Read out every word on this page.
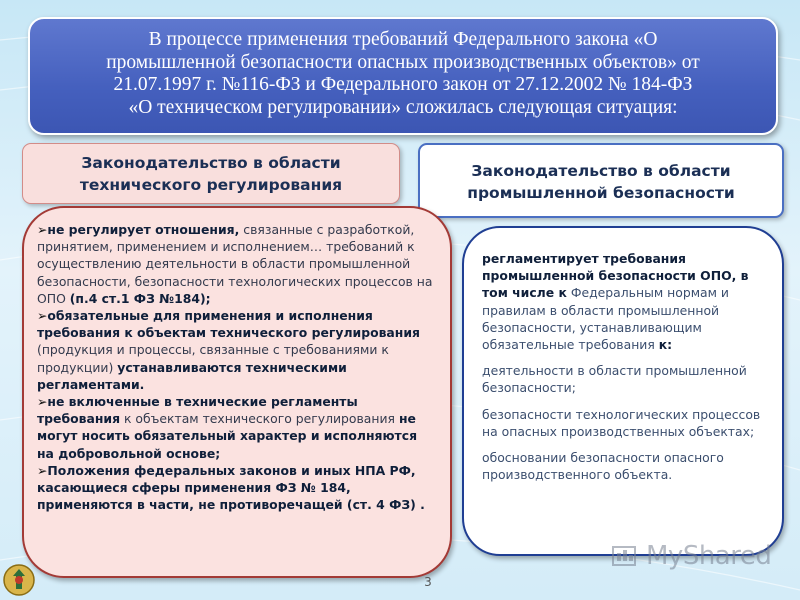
В процессе применения требований Федерального закона «О
промышленной безопасности опасных производственных объектов» от
21.07.1997 г. №116-ФЗ и Федерального закон от 27.12.2002 № 184-ФЗ
«О техническом регулировании» сложилась следующая ситуация:
Законодательство в области
технического регулирования
Законодательство в области
промышленной безопасности

➢не регулирует отношения, связанные с разработкой, принятием, применением и исполнением… требований к осуществлению деятельности в области промышленной безопасности, безопасности технологических процессов на ОПО (п.4 ст.1 ФЗ №184);

➢обязательные для применения и исполнения требования к объектам технического регулирования (продукция и процессы, связанные с требованиями к продукции) устанавливаются техническими регламентами.

➢не включенные в технические регламенты требования к объектам технического регулирования не могут носить обязательный характер и исполняются на добровольной основе;

➢Положения федеральных законов и иных НПА РФ, касающиеся сферы применения ФЗ № 184, применяются в части, не противоречащей (ст. 4 ФЗ) .

регламентирует требования промышленной безопасности ОПО, в том числе к Федеральным нормам и правилам в области промышленной безопасности, устанавливающим обязательные требования к:
деятельности в области промышленной безопасности;
безопасности технологических процессов на опасных производственных объектах;
обосновании безопасности опасного производственного объекта.
3
MyShared
